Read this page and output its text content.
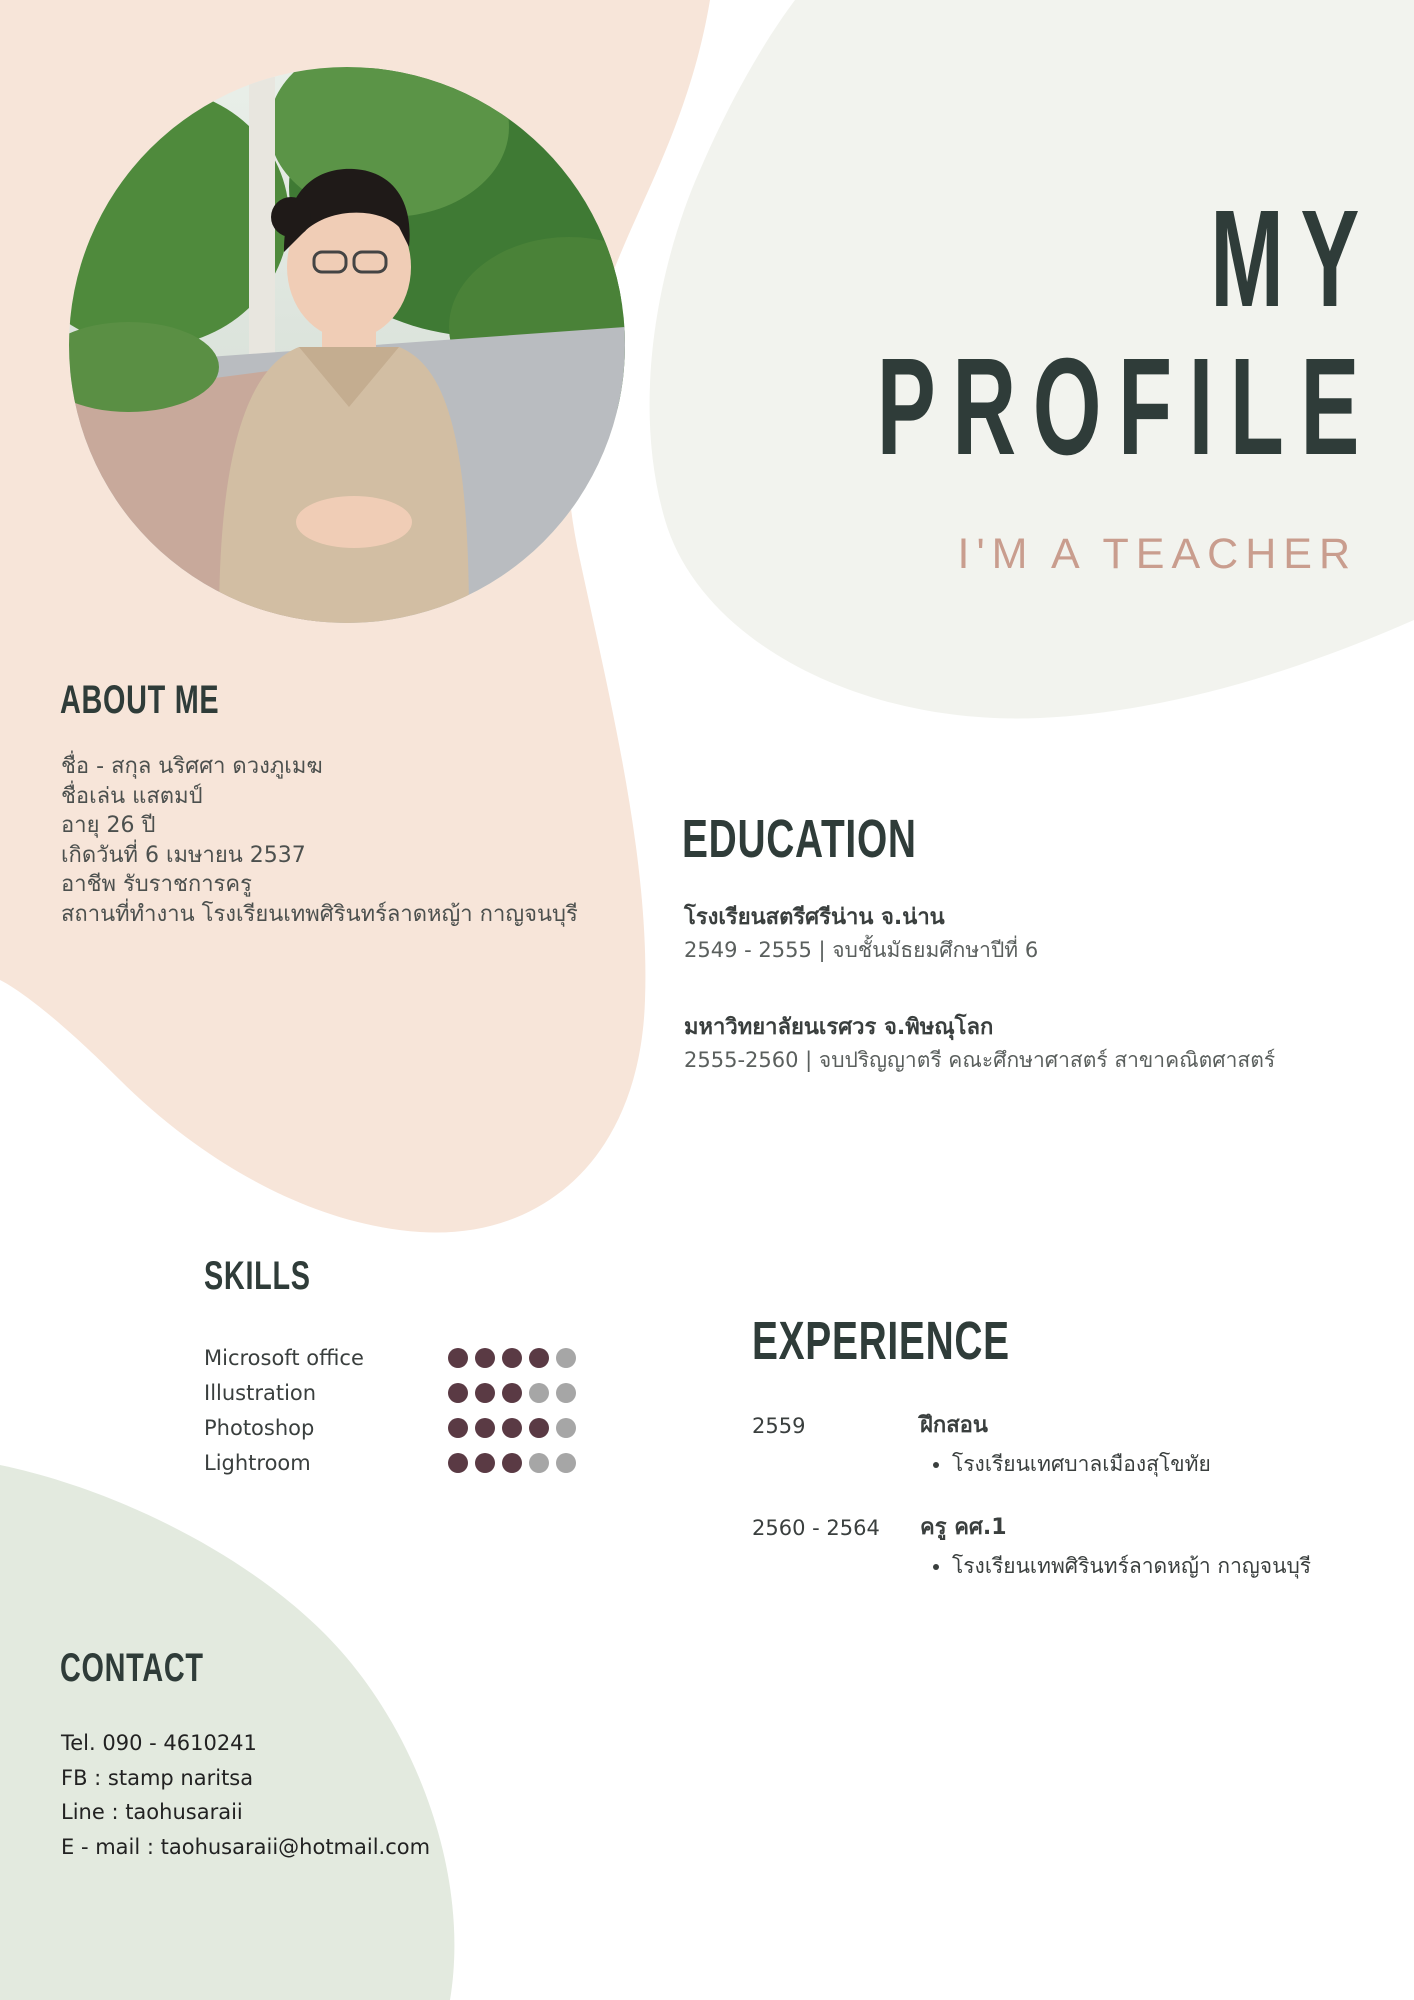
MY
PROFILE
I'M A TEACHER
ABOUT ME
ชื่อ - สกุล นริศศา ดวงภูเมฆ
ชื่อเล่น แสตมป์
อายุ 26 ปี
เกิดวันที่ 6 เมษายน 2537
อาชีพ รับราชการครู
สถานที่ทำงาน โรงเรียนเทพศิรินทร์ลาดหญ้า กาญจนบุรี
EDUCATION
โรงเรียนสตรีศรีน่าน จ.น่าน
2549 - 2555 | จบชั้นมัธยมศึกษาปีที่ 6
มหาวิทยาลัยนเรศวร จ.พิษณุโลก
2555-2560 | จบปริญญาตรี คณะศึกษาศาสตร์ สาขาคณิตศาสตร์
SKILLS
Microsoft office
Illustration
Photoshop
Lightroom
EXPERIENCE
2559	ฝึกสอน
• โรงเรียนเทศบาลเมืองสุโขทัย
2560 - 2564	ครู คศ.1
• โรงเรียนเทพศิรินทร์ลาดหญ้า กาญจนบุรี
CONTACT
Tel. 090 - 4610241
FB : stamp naritsa
Line : taohusaraii
E - mail : taohusaraii@hotmail.com
